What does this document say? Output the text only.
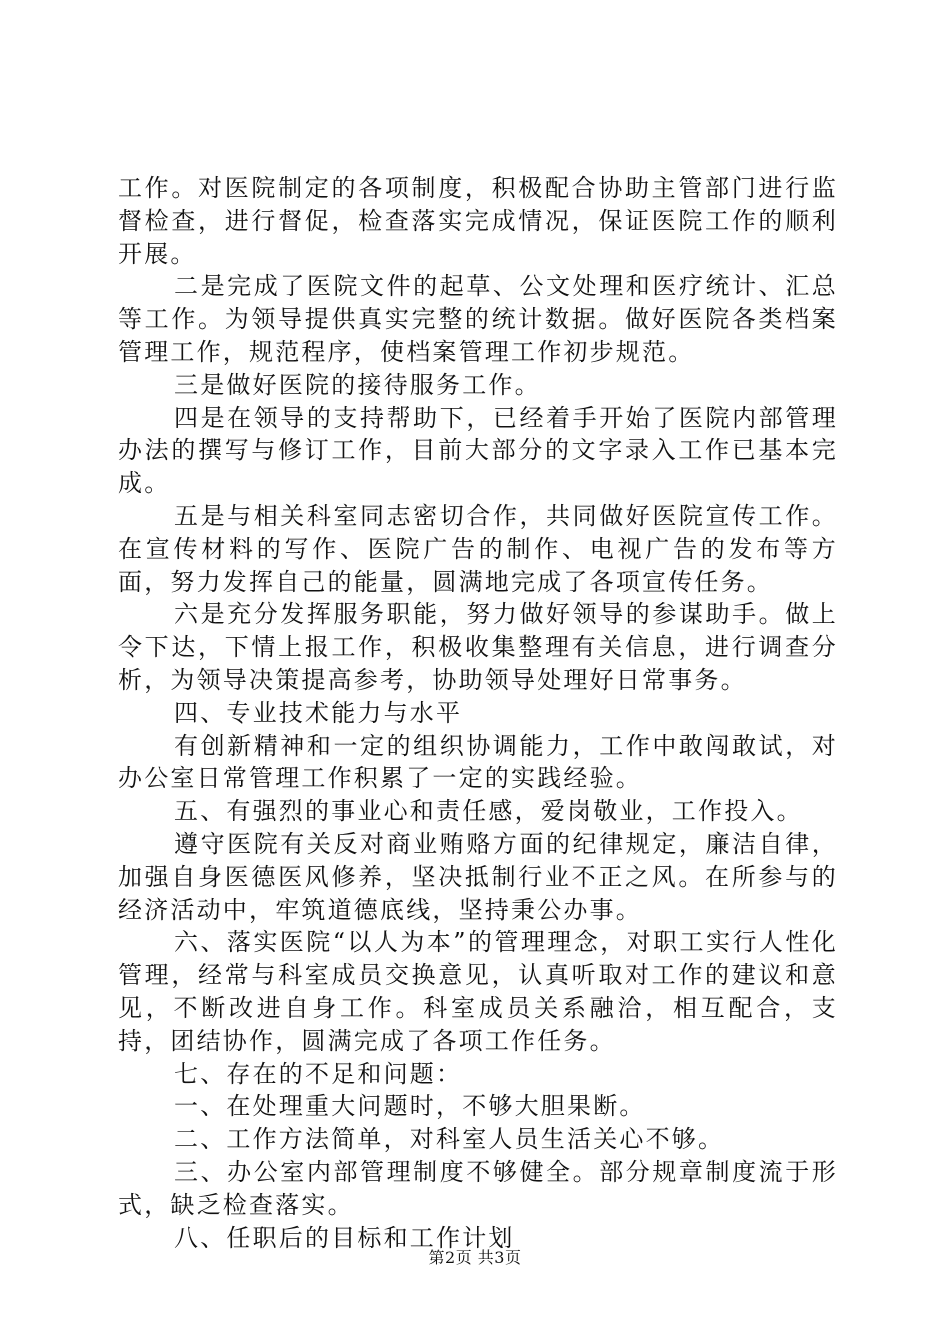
工作。对医院制定的各项制度，积极配合协助主管部门进行监督检查，进行督促，检查落实完成情况，保证医院工作的顺利开展。

二是完成了医院文件的起草、公文处理和医疗统计、汇总等工作。为领导提供真实完整的统计数据。做好医院各类档案管理工作，规范程序，使档案管理工作初步规范。

三是做好医院的接待服务工作。

四是在领导的支持帮助下，已经着手开始了医院内部管理办法的撰写与修订工作，目前大部分的文字录入工作已基本完成。

五是与相关科室同志密切合作，共同做好医院宣传工作。在宣传材料的写作、医院广告的制作、电视广告的发布等方面，努力发挥自己的能量，圆满地完成了各项宣传任务。

六是充分发挥服务职能，努力做好领导的参谋助手。做上令下达，下情上报工作，积极收集整理有关信息，进行调查分析，为领导决策提高参考，协助领导处理好日常事务。

四、专业技术能力与水平

有创新精神和一定的组织协调能力，工作中敢闯敢试，对办公室日常管理工作积累了一定的实践经验。

五、有强烈的事业心和责任感，爱岗敬业，工作投入。

遵守医院有关反对商业贿赂方面的纪律规定，廉洁自律，加强自身医德医风修养，坚决抵制行业不正之风。在所参与的经济活动中，牢筑道德底线，坚持秉公办事。

六、落实医院“以人为本”的管理理念，对职工实行人性化管理，经常与科室成员交换意见，认真听取对工作的建议和意见，不断改进自身工作。科室成员关系融洽，相互配合，支持，团结协作，圆满完成了各项工作任务。

七、存在的不足和问题：

一、在处理重大问题时，不够大胆果断。

二、工作方法简单，对科室人员生活关心不够。

三、办公室内部管理制度不够健全。部分规章制度流于形式，缺乏检查落实。

八、任职后的目标和工作计划

第2页 共3页
